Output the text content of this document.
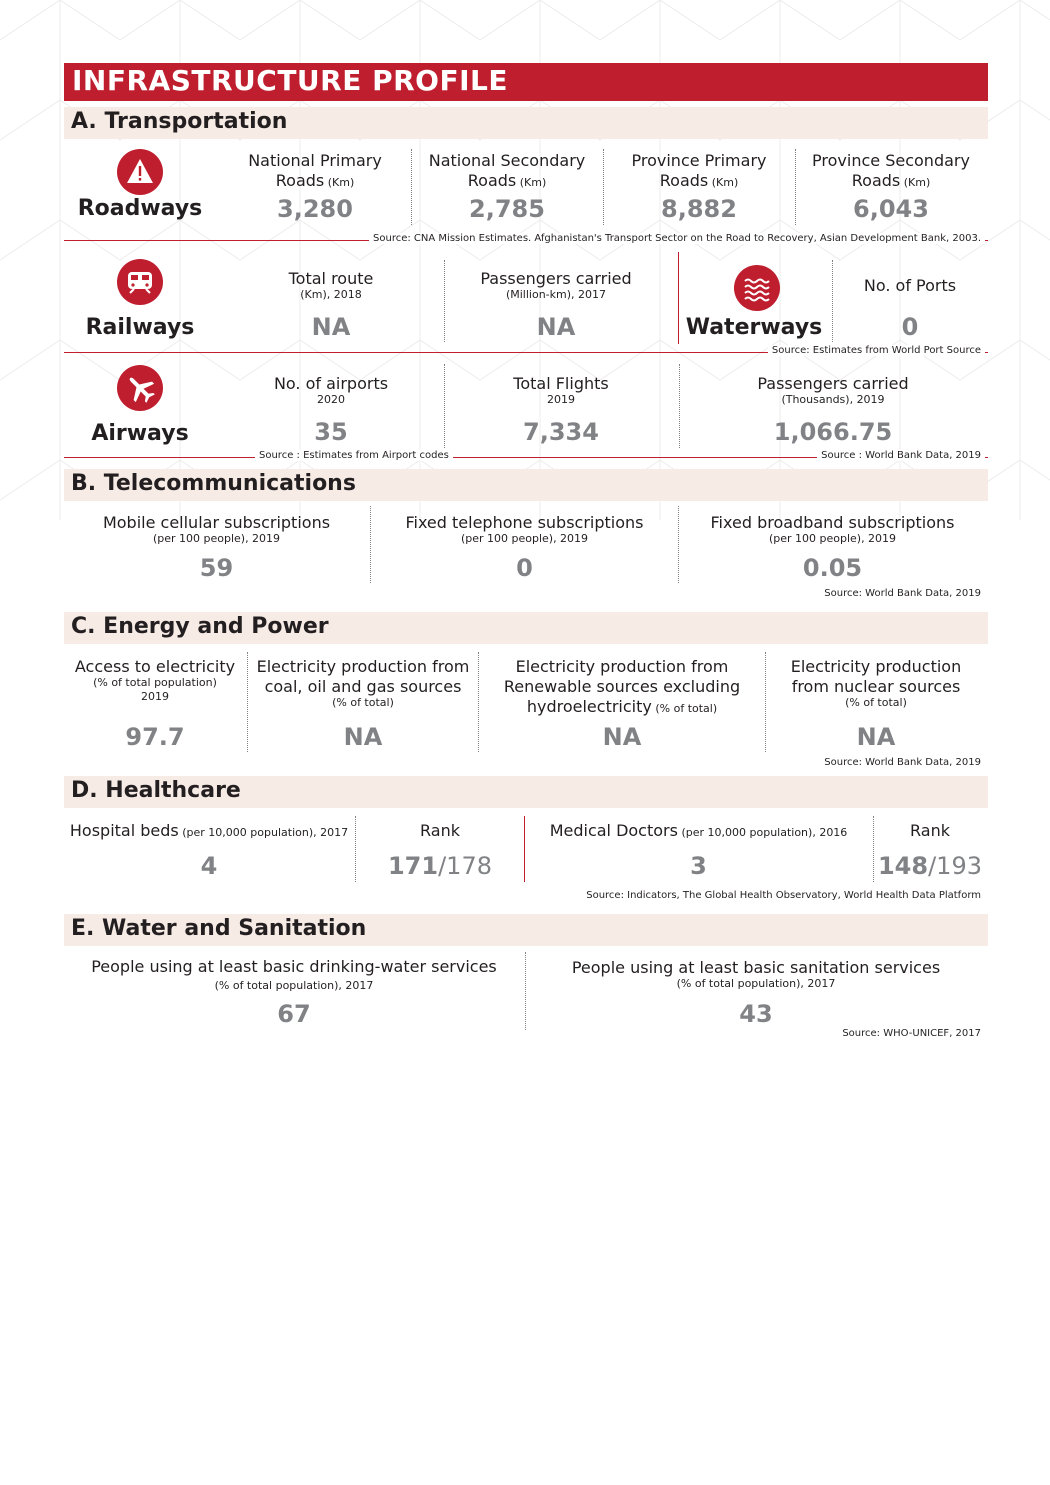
INFRASTRUCTURE PROFILE
A. Transportation
Roadways
National Primary
Roads (Km)
3,280
National Secondary
Roads (Km)
2,785
Province Primary
Roads (Km)
8,882
Province Secondary
Roads (Km)
6,043
Source: CNA Mission Estimates. Afghanistan's Transport Sector on the Road to Recovery, Asian Development Bank, 2003.
Railways
Total route
(Km), 2018
NA
Passengers carried
(Million-km), 2017
NA	Waterways
No. of Ports
0
Source: Estimates from World Port Source
Airways
No. of airports
2020
35
Total Flights
2019
7,334
Passengers carried
(Thousands), 2019
1,066.75
Source : Estimates from Airport codes	Source : World Bank Data, 2019
B. Telecommunications
Mobile cellular subscriptions
(per 100 people), 2019
59
Fixed telephone subscriptions
(per 100 people), 2019
0
Fixed broadband subscriptions
(per 100 people), 2019
0.05
Source: World Bank Data, 2019
C. Energy and Power
Access to electricity
(% of total population)
2019
97.7
Electricity production from
coal, oil and gas sources
(% of total)
NA
Electricity production from
Renewable sources excluding
hydroelectricity (% of total)
NA
Electricity production
from nuclear sources
(% of total)
NA
Source: World Bank Data, 2019
D. Healthcare
Hospital beds (per 10,000 population), 2017
4
Rank
171/178
Medical Doctors (per 10,000 population), 2016
3
Rank
148/193
Source: Indicators, The Global Health Observatory, World Health Data Platform
E. Water and Sanitation
People using at least basic drinking-water services
(% of total population), 2017
67
People using at least basic sanitation services
(% of total population), 2017
43
Source: WHO-UNICEF, 2017
